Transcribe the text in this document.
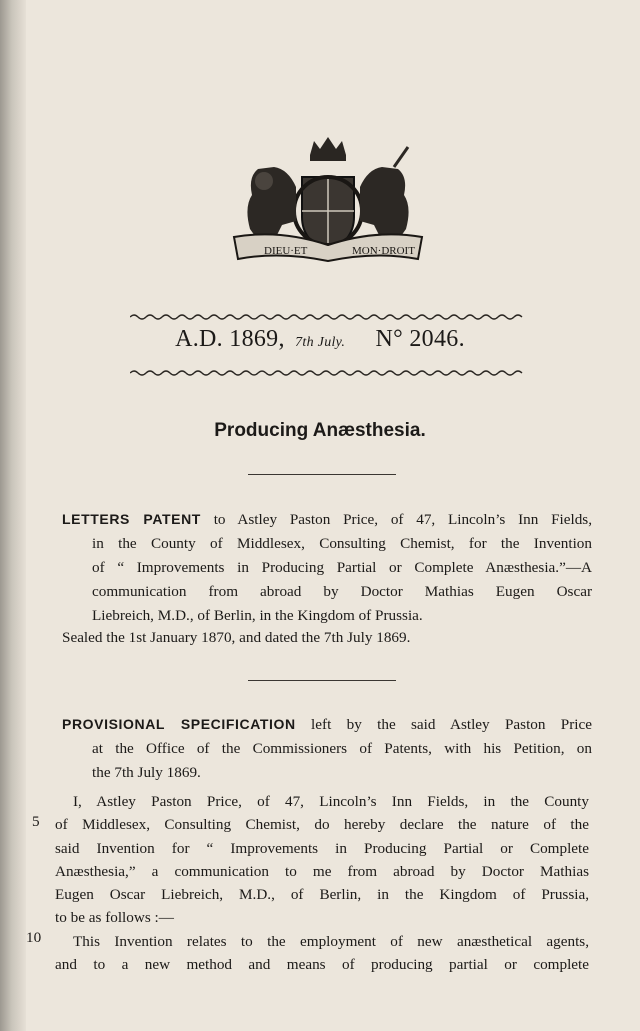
DIEU·ET	MON·DROIT
A.D. 1869, 7th July. N° 2046.
Producing Anæsthesia.

LETTERS PATENT to Astley Paston Price, of 47, Lincoln’s Inn Fields,

in the County of Middlesex, Consulting Chemist, for the Invention

of “ Improvements in Producing Partial or Complete Anæsthesia.”—A

communication from abroad by Doctor Mathias Eugen Oscar

Liebreich, M.D., of Berlin, in the Kingdom of Prussia.

Sealed the 1st January 1870, and dated the 7th July 1869.

PROVISIONAL SPECIFICATION left by the said Astley Paston Price

at the Office of the Commissioners of Patents, with his Petition, on

the 7th July 1869.

5
10

I, Astley Paston Price, of 47, Lincoln’s Inn Fields, in the County

of Middlesex, Consulting Chemist, do hereby declare the nature of the

said Invention for “ Improvements in Producing Partial or Complete

Anæsthesia,” a communication to me from abroad by Doctor Mathias

Eugen Oscar Liebreich, M.D., of Berlin, in the Kingdom of Prussia,

to be as follows :—

This Invention relates to the employment of new anæsthetical agents,

and to a new method and means of producing partial or complete
